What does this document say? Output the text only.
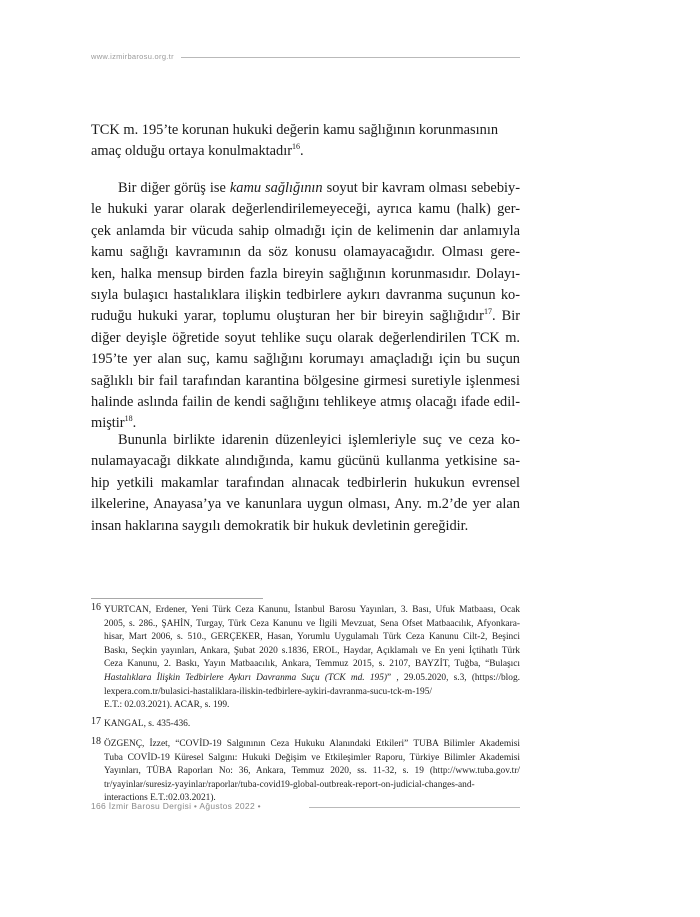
www.izmirbarosu.org.tr
TCK m. 195’te korunan hukuki değerin kamu sağlığının korunmasının
amaç olduğu ortaya konulmaktadır$^{16}$.
Bir diğer görüş ise kamu sağlığının soyut bir kavram olması sebebiy-
le hukuki yarar olarak değerlendirilemeyeceği, ayrıca kamu (halk) ger-
çek anlamda bir vücuda sahip olmadığı için de kelimenin dar anlamıyla
kamu sağlığı kavramının da söz konusu olamayacağıdır. Olması gere-
ken, halka mensup birden fazla bireyin sağlığının korunmasıdır. Dolayı-
sıyla bulaşıcı hastalıklara ilişkin tedbirlere aykırı davranma suçunun ko-
ruduğu hukuki yarar, toplumu oluşturan her bir bireyin sağlığıdır$^{17}$. Bir
diğer deyişle öğretide soyut tehlike suçu olarak değerlendirilen TCK m.
195’te yer alan suç, kamu sağlığını korumayı amaçladığı için bu suçun
sağlıklı bir fail tarafından karantina bölgesine girmesi suretiyle işlenmesi
halinde aslında failin de kendi sağlığını tehlikeye atmış olacağı ifade edil-
miştir$^{18}$.
Bununla birlikte idarenin düzenleyici işlemleriyle suç ve ceza ko-
nulamayacağı dikkate alındığında, kamu gücünü kullanma yetkisine sa-
hip yetkili makamlar tarafından alınacak tedbirlerin hukukun evrensel
ilkelerine, Anayasa’ya ve kanunlara uygun olması, Any. m.2’de yer alan
insan haklarına saygılı demokratik bir hukuk devletinin gereğidir.
16 YURTCAN, Erdener, Yeni Türk Ceza Kanunu, İstanbul Barosu Yayınları, 3. Bası, Ufuk Matbaası, Ocak
2005, s. 286., ŞAHİN, Turgay, Türk Ceza Kanunu ve İlgili Mevzuat, Sena Ofset Matbaacılık, Afyonkara-
hisar, Mart 2006, s. 510., GERÇEKER, Hasan, Yorumlu Uygulamalı Türk Ceza Kanunu Cilt-2, Beşinci
Baskı, Seçkin yayınları, Ankara, Şubat 2020 s.1836, EROL, Haydar, Açıklamalı ve En yeni İçtihatlı Türk
Ceza Kanunu, 2. Baskı, Yayın Matbaacılık, Ankara, Temmuz 2015, s. 2107, BAYZİT, Tuğba, “Bulaşıcı
Hastalıklara İlişkin Tedbirlere Aykırı Davranma Suçu (TCK md. 195)” , 29.05.2020, s.3, (https://blog.
lexpera.com.tr/bulasici-hastaliklara-iliskin-tedbirlere-aykiri-davranma-sucu-tck-m-195/
E.T.: 02.03.2021). ACAR, s. 199.
17 KANGAL, s. 435-436.
18 ÖZGENÇ, İzzet, “COVİD-19 Salgınının Ceza Hukuku Alanındaki Etkileri” TUBA Bilimler Akademisi
Tuba COVİD-19 Küresel Salgını: Hukuki Değişim ve Etkileşimler Raporu, Türkiye Bilimler Akademisi
Yayınları, TÜBA Raporları No: 36, Ankara, Temmuz 2020, ss. 11-32, s. 19 (http://www.tuba.gov.tr/
tr/yayinlar/suresiz-yayinlar/raporlar/tuba-covid19-global-outbreak-report-on-judicial-changes-and-
interactions E.T.:02.03.2021).
166 İzmir Barosu Dergisi • Ağustos 2022 •
